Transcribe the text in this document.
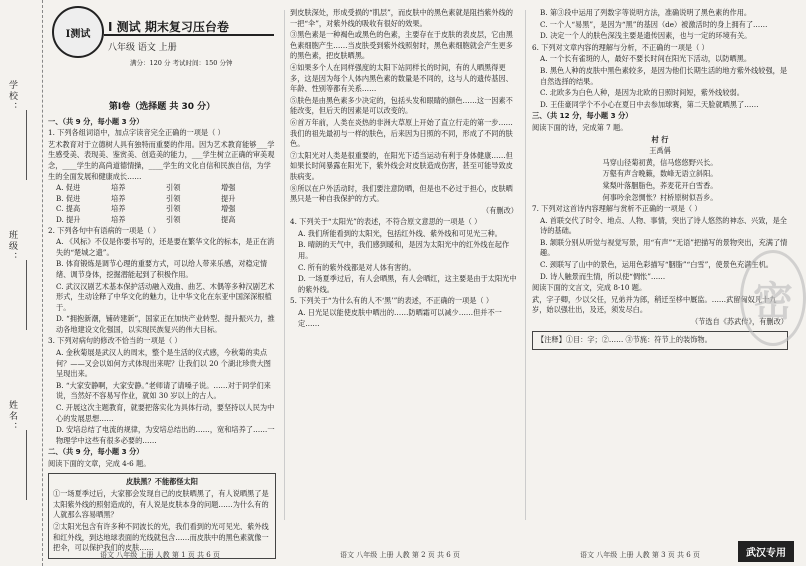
学校：
班级：
姓名：
I测试 I 测试 期末复习压台卷
八年级 语文 上册
满分：120 分 考试时间：150 分钟
第Ⅰ卷（选择题 共 30 分）

一、（共 9 分，每小题 3 分）

1. 下列各组词语中，加点字读音完全正确的一项是（ ）

艺术教育对于立德树人具有独特而重要的作用。因为艺术教育能够___学生感受美、表现美、鉴赏美、创造美的能力，___学生树立正确的审美观念，____学生的高尚道德情操，____学生的文化自信和民族自信，为学生的全面发展和健康成长……

A. 促进	培养	引领	增强
B. 促进	培养	引领	提升
C. 提高	培养	引领	增强
D. 提升	培养	引领	提高

2. 下列各句中有语病的一项是（ ）

A. 《风标》不仅是你要书写的，还是要在繁华文化的标本，是正在消失的“楚城之遗”。

B. 体育锻炼是调节心理的重要方式，可以给人带来乐感，对稳定情绪、调节身体，挖掘潜能起到了积极作用。

C. 武汉汉剧艺术基本保护活动融入戏曲、曲艺、木偶等多种汉剧艺术形式，生动诠释了中华文化的魅力，让中华文化在东亚中国深深根植于。

D. “拥抱新潮，铺砖建新”，国家正在加快产业转型、提升振兴力，推动各地建设文化强国，以实现民族复兴的伟大目标。

3. 下列对病句的修改不恰当的一项是（ ）

A. 金秋菊展是武汉人的周末，整个是生活的仪式感，今秋菊的卖点何？——又会以如何方式体现出来呢？让我们以 20 个湖北珍贵大图呈现出来。

B. “大家安静啊，大家安静。”老师请了请嗓子说。……对于同学们来说，当然好不容易写作业，就如 30 岁以上的古人。

C. 开展这次主题教育，就要把落实化为具体行动，要坚持以人民为中心的发展思想……

D. 安培总结了电流的规律，为安培总结出的……，宽和培养了……一物理学中这些有很多必要的……

二、（共 9 分，每小题 3 分）

阅读下面的文章，完成 4-6 题。

皮肤黑？不能都怪太阳

①一场夏季过后，大家都会发现自己的皮肤晒黑了，有人说晒黑了是太阳紫外线的照射造成的，有人说是皮肤本身的问题……为什么有的人就那么容易晒黑？

②太阳光包含有许多种不同波长的光，我们看到的光可见光、紫外线和红外线，到达地球表面的光线就包含……而皮肤中的黑色素就像一把伞，可以保护我们的皮肤……

语文 八年级 上册 人教 第 1 页 共 6 页

到皮肤深处，形成受损的“肌层”，而皮肤中的黑色素就是阻挡紫外线的一把“伞”，对紫外线的吸收有很好的效果。

③黑色素是一种褐色或黑色的色素，主要存在于皮肤的表皮层，它由黑色素细胞产生……当皮肤受到紫外线照射时，黑色素细胞就会产生更多的黑色素，把皮肤晒黑。

④如果多个人在同样强度的太阳下站同样长的时间，有的人晒黑得更多，这是因为每个人体内黑色素的数量是不同的，这与人的遗传基因、年龄、性别等都有关系……

⑤肤色是由黑色素多少决定的，包括头发和眼睛的颜色……这一因素不能改变，但后天的因素是可以改变的。

⑥首万年前，人类在炎热的非洲大草原上开始了直立行走的第一步……我们的祖先最初与一样的肤色，后来因为日照的不同，形成了不同的肤色。

⑦太阳光对人类是很重要的，在阳光下适当运动有利于身体健康……但如果长时间暴露在阳光下，紫外线会对皮肤造成伤害，甚至可能导致皮肤病变。

⑧所以在户外活动时，我们要注意防晒，但是也不必过于担心，皮肤晒黑只是一种自我保护的方式。

（有删改）

4. 下列关于“太阳光”的表述，不符合原文意思的一项是（ ）

A. 我们所能看到的太阳光，包括红外线、紫外线和可见光三种。

B. 晴朗的天气中，我们感到暖和，是因为太阳光中的红外线在起作用。

C. 所有的紫外线都是对人体有害的。

D. 一场夏季过后，有人会晒黑，有人会晒红，这主要是由于太阳光中的紫外线。

5. 下列关于“为什么有的人不‘黑’”的表述，不正确的一项是（ ）

A. 日光足以能使皮肤中晒出的……防晒霜可以减少……但并不一定……

语文 八年级 上册 人教 第 2 页 共 6 页

B. 第③段中运用了列数字等说明方法，准确说明了黑色素的作用。

C. 一个人“易黑”，是因为“黑”的基因（de）被激活时的身上拥有了……

D. 决定一个人的肤色深浅主要是遗传因素，也与一定的环境有关。

6. 下列对文章内容的理解与分析，不正确的一项是（ ）

A. 一个长有雀斑的人，最好不要长时间在阳光下活动，以防晒黑。

B. 黑色人种的皮肤中黑色素较多，是因为他们长期生活的地方紫外线较强，是自然选择的结果。

C. 北欧多为白色人种，是因为北欧的日照时间短，紫外线较弱。

D. 王佳豪同学个不小心在夏日中去参加球赛，第二天脸就晒黑了……

三、（共 12 分，每小题 3 分）

阅读下面的诗，完成第 7 题。

村 行

王禹偁

马穿山径菊初黄，信马悠悠野兴长。

万壑有声含晚籁，数峰无语立斜阳。

棠梨叶落胭脂色，荞麦花开白雪香。

何事吟余忽惆怅？村桥原树似吾乡。

7. 下列对这首诗内容理解与赏析不正确的一项是（ ）

A. 首联交代了时令、地点、人物、事情，突出了诗人悠然的神态、兴致，是全诗的基础。

B. 颔联分别从听觉与视觉写景，用“有声”“无语”把描写的景物突出，充满了情趣。

C. 颈联写了山中的景色，运用色彩描写“胭脂”“白雪”，使景色充满生机。

D. 诗人触景而生情，所以使“惆怅”……

阅读下面的文言文，完成 8-10 题。

武，字子卿，少以父任，兄弟并为郎，稍迁至栘中厩监。……武留匈奴凡十九岁，始以强壮出，及还，须发尽白。

（节选自《苏武传》，有删改）

【注释】①目：字；②…… ③节旄：符节上的装饰物。

语文 八年级 上册 人教 第 3 页 共 6 页
密
武汉专用
